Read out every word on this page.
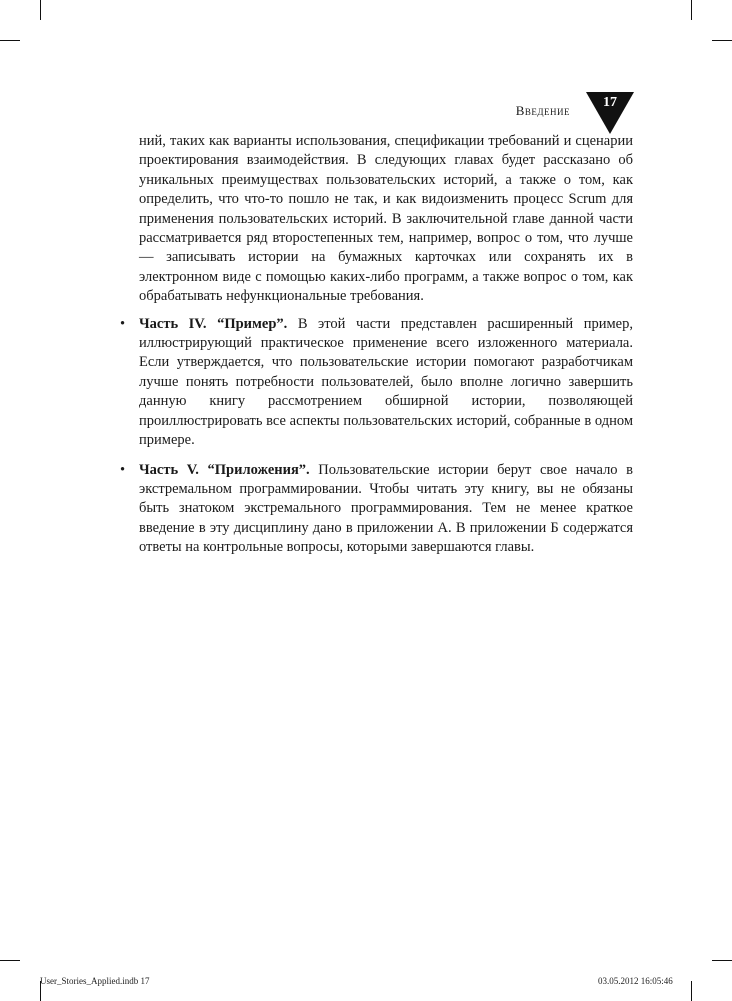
Введение
17

ний, таких как варианты использования, спецификации требований и сценарии проектирования взаимодействия. В следующих главах будет рассказано об уникальных преимуществах пользовательских историй, а также о том, как определить, что что-то пошло не так, и как видоизменить процесс Scrum для применения пользовательских историй. В заключительной главе данной части рассматривается ряд второстепенных тем, например, вопрос о том, что лучше — записывать истории на бумажных карточках или сохранять их в электронном виде с помощью каких-либо программ, а также вопрос о том, как обрабатывать нефункциональные требования.

• Часть IV. “Пример”. В этой части представлен расширенный пример, иллюстрирующий практическое применение всего изложенного материала. Если утверждается, что пользовательские истории помогают разработчикам лучше понять потребности пользователей, было вполне логично завершить данную книгу рассмотрением обширной истории, позволяющей проиллюстрировать все аспекты пользовательских историй, собранные в одном примере.
• Часть V. “Приложения”. Пользовательские истории берут свое начало в экстремальном программировании. Чтобы читать эту книгу, вы не обязаны быть знатоком экстремального программирования. Тем не менее краткое введение в эту дисциплину дано в приложении А. В приложении Б содержатся ответы на контрольные вопросы, которыми завершаются главы.
User_Stories_Applied.indb 17	03.05.2012 16:05:46
